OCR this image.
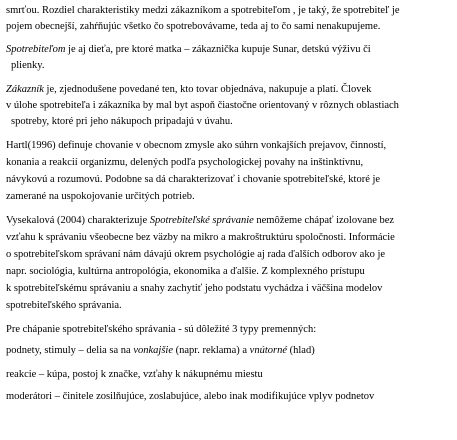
smrťou. Rozdiel charakteristiky medzi zákazníkom a spotrebiteľom , je taký, že spotrebiteľ je
pojem obecnejší, zahŕňujúc všetko čo spotrebovávame, teda aj to čo sami nenakupujeme.
Spotrebiteľom je aj dieťa, pre ktoré matka – zákaznička kupuje Sunar, detskú výživu či
plienky.
Zákazník je, zjednodušene povedané ten, kto tovar objednáva, nakupuje a platí. Človek
v úlohe spotrebiteľa i zákazníka by mal byt aspoň čiastočne orientovaný v rôznych oblastiach
spotreby, ktoré pri jeho nákupoch pripadajú v úvahu.
Hartl(1996) definuje chovanie v obecnom zmysle ako súhrn vonkajších prejavov, činností,
konania a reakcií organizmu, delených podľa psychologickej povahy na inštinktívnu,
návykovú a rozumovú. Podobne sa dá charakterizovať i chovanie spotrebiteľské, ktoré je
zamerané na uspokojovanie určitých potrieb.
Vysekalová (2004) charakterizuje Spotrebiteľské správanie nemôžeme chápať izolovane bez
vzťahu k správaniu všeobecne bez väzby na mikro a makroštruktúru spoločnosti. Informácie
o spotrebiteľskom správaní nám dávajú okrem psychológie aj rada ďalších odborov ako je
napr. sociológia, kultúrna antropológia, ekonomika a ďalšie. Z komplexného prístupu
k spotrebiteľskému správaniu a snahy zachytiť jeho podstatu vychádza i väčšina modelov
spotrebiteľského správania.
Pre chápanie spotrebiteľského správania - sú dôležité 3 typy premenných:
podnety, stimuly – delia sa na vonkajšie (napr. reklama) a vnútorné (hlad)
reakcie – kúpa, postoj k značke, vzťahy k nákupnému miestu
moderátori – činitele zosilňujúce, zoslabujúce, alebo inak modifikujúce vplyv podnetov
